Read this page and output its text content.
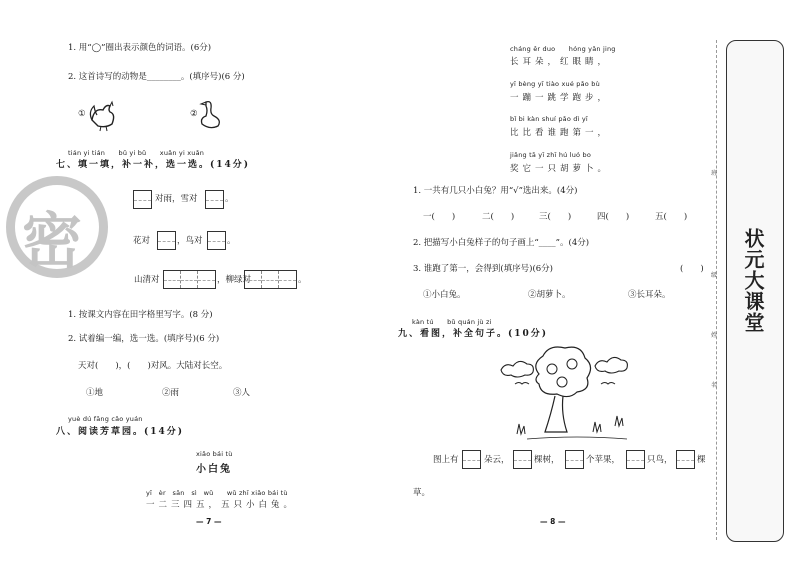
密
1. 用“◯”圈出表示颜色的词语。(6分)
2. 这首诗写的动物是________。(填序号)(6 分)
①	②
tián yi tián　　bǔ yi bǔ　　xuǎn yi xuǎn
七、填一填，补一补，选一选。(14分)
对雨，雪对	。
花对	，鸟对	。
山清对	，柳绿对	。
1. 按课文内容在田字格里写字。(8 分)
2. 试着编一编，选一选。(填序号)(6 分)
天对(　　)，(　　)对风。大陆对长空。
①地	②雨	③人
yuè dú fāng cǎo yuán
八、阅读芳草园。(14分)
xiǎo bái tù
小白兔
yī　èr　sān　sì　wǔ　　wǔ zhī xiǎo bái tù
一二三四五，五只小白兔。
— 7 —
cháng ěr duo　　hóng yǎn jing
长耳朵，红眼睛，
yī bèng yī tiào xué pǎo bù
一蹦一跳学跑步，
bǐ bi kàn shuí pǎo dì yī
比比看谁跑第一，
jiǎng tā yī zhī hú luó bo
奖它一只胡萝卜。
1. 一共有几只小白兔？用“√”选出来。(4分)
一(　　)	二(　　)	三(　　)	四(　　)	五(　　)
2. 把描写小白兔样子的句子画上“____”。(4分)
3. 谁跑了第一，会得到(填序号)(6分)	(　　)
①小白兔。	②胡萝卜。	③长耳朵。
kàn tú　　bǔ quán jù zi
九、看图，补全句子。(10分)
图上有	朵云，	棵树，	个苹果，	只鸟，	棵
草。
— 8 —
班
级
姓
名
状元大课堂
